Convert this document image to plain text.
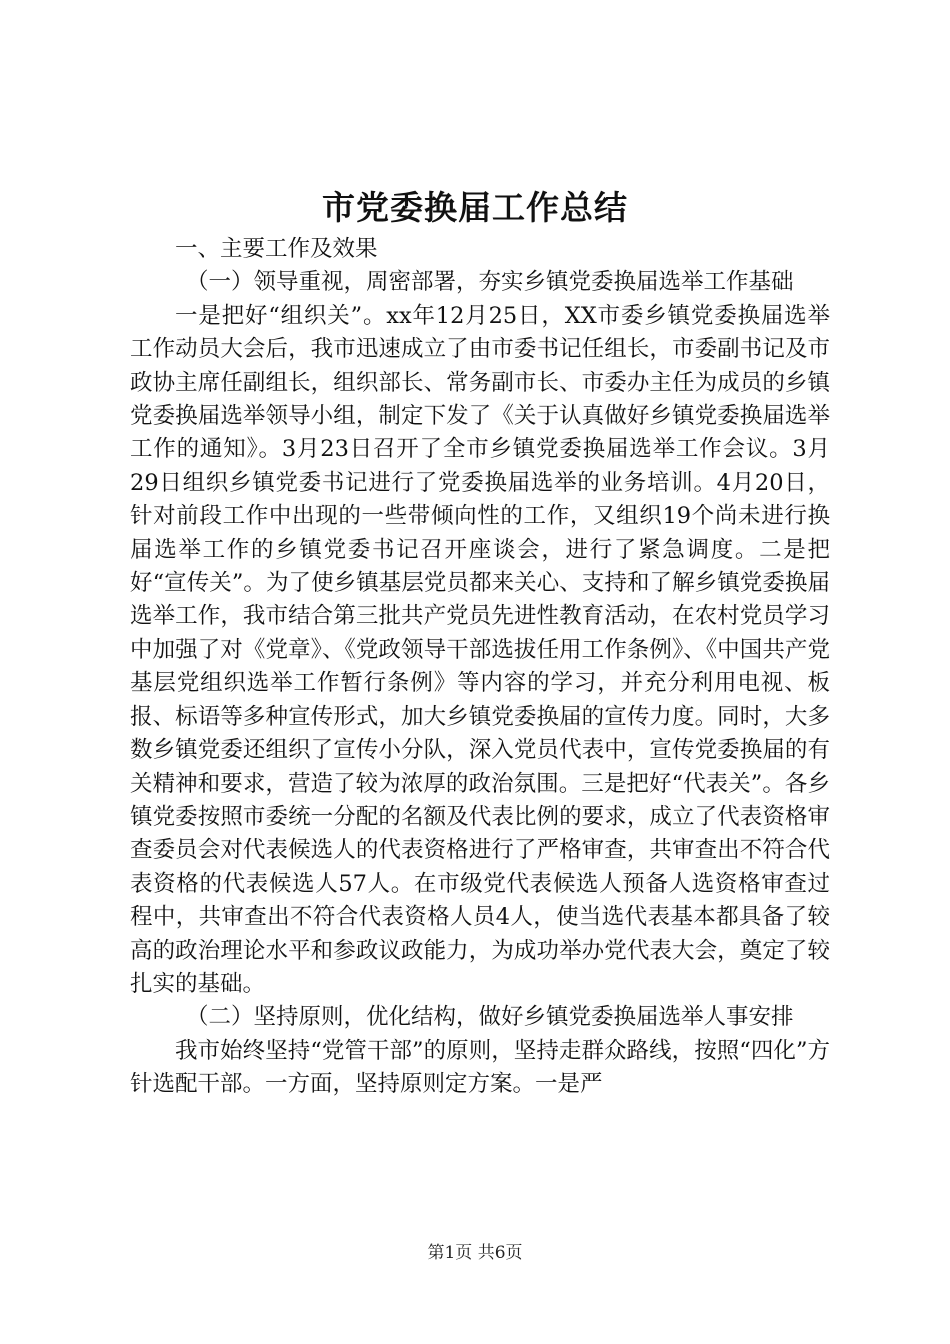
市党委换届工作总结

一、主要工作及效果

（一）领导重视，周密部署，夯实乡镇党委换届选举工作基础

一是把好“组织关”。xx年12月25日，XX市委乡镇党委换届选举工作动员大会后，我市迅速成立了由市委书记任组长，市委副书记及市政协主席任副组长，组织部长、常务副市长、市委办主任为成员的乡镇党委换届选举领导小组，制定下发了《关于认真做好乡镇党委换届选举工作的通知》。3月23日召开了全市乡镇党委换届选举工作会议。3月29日组织乡镇党委书记进行了党委换届选举的业务培训。4月20日，针对前段工作中出现的一些带倾向性的工作，又组织19个尚未进行换届选举工作的乡镇党委书记召开座谈会，进行了紧急调度。二是把好“宣传关”。为了使乡镇基层党员都来关心、支持和了解乡镇党委换届选举工作，我市结合第三批共产党员先进性教育活动，在农村党员学习中加强了对《党章》、《党政领导干部选拔任用工作条例》、《中国共产党基层党组织选举工作暂行条例》等内容的学习，并充分利用电视、板报、标语等多种宣传形式，加大乡镇党委换届的宣传力度。同时，大多数乡镇党委还组织了宣传小分队，深入党员代表中，宣传党委换届的有关精神和要求，营造了较为浓厚的政治氛围。三是把好“代表关”。各乡镇党委按照市委统一分配的名额及代表比例的要求，成立了代表资格审查委员会对代表候选人的代表资格进行了严格审查，共审查出不符合代表资格的代表候选人57人。在市级党代表候选人预备人选资格审查过程中，共审查出不符合代表资格人员4人，使当选代表基本都具备了较高的政治理论水平和参政议政能力，为成功举办党代表大会，奠定了较扎实的基础。

（二）坚持原则，优化结构，做好乡镇党委换届选举人事安排

我市始终坚持“党管干部”的原则，坚持走群众路线，按照“四化”方针选配干部。一方面，坚持原则定方案。一是严

第1页 共6页
